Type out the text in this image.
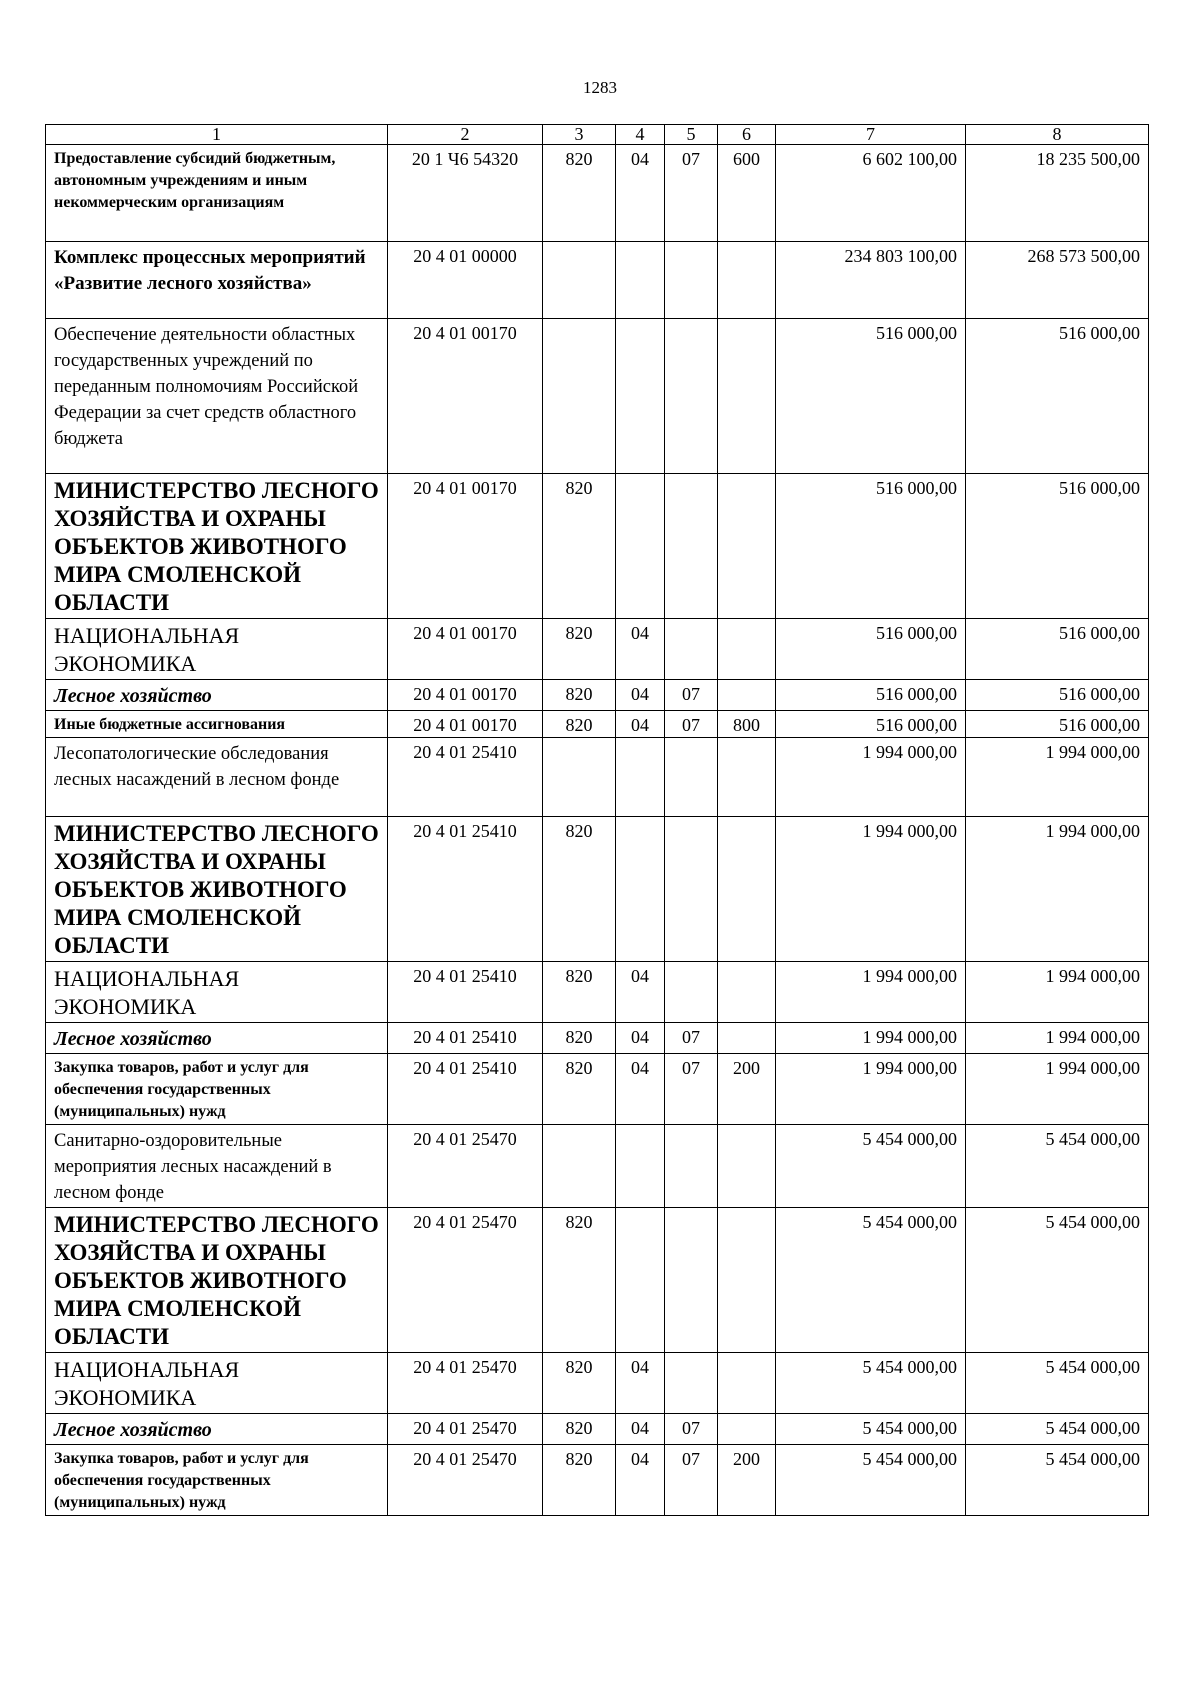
1283
1	2	3	4	5	6	7	8
Предоставление субсидий бюджетным, автономным учреждениям и иным некоммерческим организациям	20 1 Ч6 54320	820	04	07	600	6 602 100,00	18 235 500,00
Комплекс процессных мероприятий «Развитие лесного хозяйства»	20 4 01 00000					234 803 100,00	268 573 500,00
Обеспечение деятельности областных государственных учреждений по переданным полномочиям Российской Федерации за счет средств областного бюджета	20 4 01 00170					516 000,00	516 000,00
МИНИСТЕРСТВО ЛЕСНОГО ХОЗЯЙСТВА И ОХРАНЫ ОБЪЕКТОВ ЖИВОТНОГО МИРА СМОЛЕНСКОЙ ОБЛАСТИ	20 4 01 00170	820				516 000,00	516 000,00
НАЦИОНАЛЬНАЯ ЭКОНОМИКА	20 4 01 00170	820	04			516 000,00	516 000,00
Лесное хозяйство	20 4 01 00170	820	04	07		516 000,00	516 000,00
Иные бюджетные ассигнования	20 4 01 00170	820	04	07	800	516 000,00	516 000,00
Лесопатологические обследования лесных насаждений в лесном фонде	20 4 01 25410					1 994 000,00	1 994 000,00
МИНИСТЕРСТВО ЛЕСНОГО ХОЗЯЙСТВА И ОХРАНЫ ОБЪЕКТОВ ЖИВОТНОГО МИРА СМОЛЕНСКОЙ ОБЛАСТИ	20 4 01 25410	820				1 994 000,00	1 994 000,00
НАЦИОНАЛЬНАЯ ЭКОНОМИКА	20 4 01 25410	820	04			1 994 000,00	1 994 000,00
Лесное хозяйство	20 4 01 25410	820	04	07		1 994 000,00	1 994 000,00
Закупка товаров, работ и услуг для обеспечения государственных (муниципальных) нужд	20 4 01 25410	820	04	07	200	1 994 000,00	1 994 000,00
Санитарно-оздоровительные мероприятия лесных насаждений в лесном фонде	20 4 01 25470					5 454 000,00	5 454 000,00
МИНИСТЕРСТВО ЛЕСНОГО ХОЗЯЙСТВА И ОХРАНЫ ОБЪЕКТОВ ЖИВОТНОГО МИРА СМОЛЕНСКОЙ ОБЛАСТИ	20 4 01 25470	820				5 454 000,00	5 454 000,00
НАЦИОНАЛЬНАЯ ЭКОНОМИКА	20 4 01 25470	820	04			5 454 000,00	5 454 000,00
Лесное хозяйство	20 4 01 25470	820	04	07		5 454 000,00	5 454 000,00
Закупка товаров, работ и услуг для обеспечения государственных (муниципальных) нужд	20 4 01 25470	820	04	07	200	5 454 000,00	5 454 000,00
